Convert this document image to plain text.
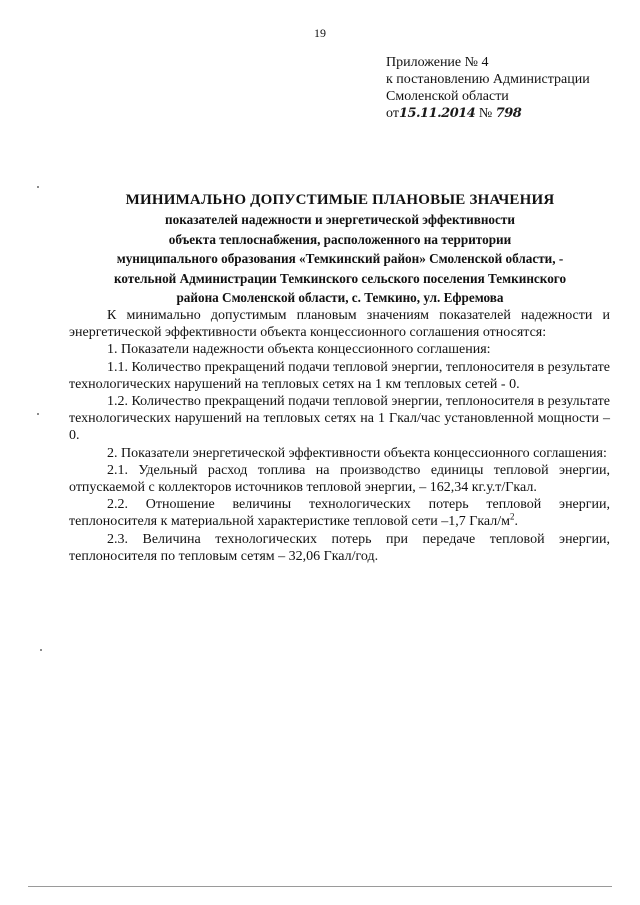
19
Приложение № 4
к постановлению Администрации
Смоленской области
от15.11.2014 № 798
МИНИМАЛЬНО ДОПУСТИМЫЕ ПЛАНОВЫЕ ЗНАЧЕНИЯ
показателей надежности и энергетической эффективности
объекта теплоснабжения, расположенного на территории
муниципального образования «Темкинский район» Смоленской области, -
котельной Администрации Темкинского сельского поселения Темкинского
района Смоленской области, с. Темкино, ул. Ефремова

К минимально допустимым плановым значениям показателей надежности и энергетической эффективности объекта концессионного соглашения относятся:

1. Показатели надежности объекта концессионного соглашения:

1.1. Количество прекращений подачи тепловой энергии, теплоносителя в результате технологических нарушений на тепловых сетях на 1 км тепловых сетей - 0.

1.2. Количество прекращений подачи тепловой энергии, теплоносителя в результате технологических нарушений на тепловых сетях на 1 Гкал/час установленной мощности – 0.

2. Показатели энергетической эффективности объекта концессионного соглашения:

2.1. Удельный расход топлива на производство единицы тепловой энергии, отпускаемой с коллекторов источников тепловой энергии, – 162,34 кг.у.т/Гкал.

2.2. Отношение величины технологических потерь тепловой энергии, теплоносителя к материальной характеристике тепловой сети –1,7 Гкал/$м^2$.

2.3. Величина технологических потерь при передаче тепловой энергии, теплоносителя по тепловым сетям – 32,06 Гкал/год.
